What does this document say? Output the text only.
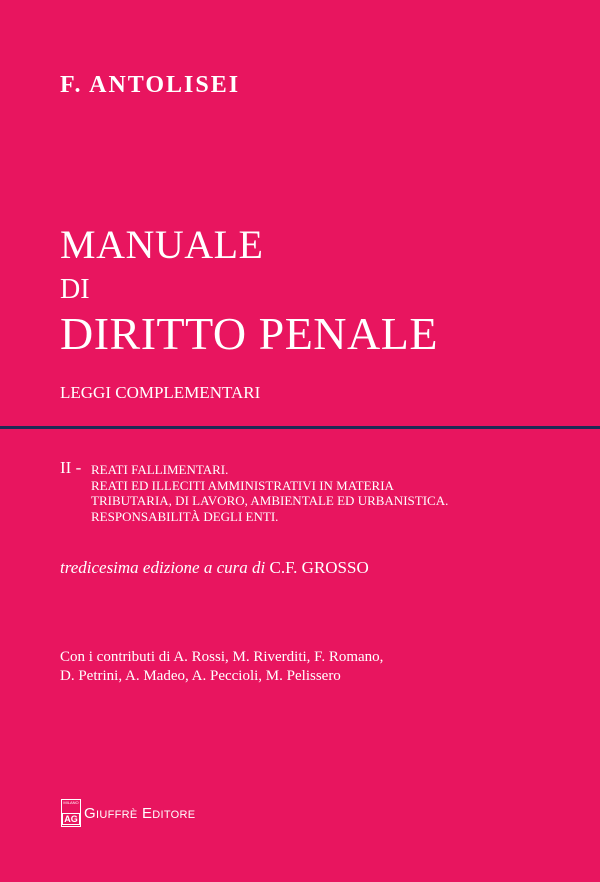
F. ANTOLISEI
MANUALE
DI
DIRITTO PENALE
LEGGI COMPLEMENTARI
II - REATI FALLIMENTARI.
REATI ED ILLECITI AMMINISTRATIVI IN MATERIA
TRIBUTARIA, DI LAVORO, AMBIENTALE ED URBANISTICA.
RESPONSABILITÀ DEGLI ENTI.
tredicesima edizione a cura di C.F. GROSSO
Con i contributi di A. Rossi, M. Riverditi, F. Romano,
D. Petrini, A. Madeo, A. Peccioli, M. Pelissero
MILANO
AG Giuffrè Editore
